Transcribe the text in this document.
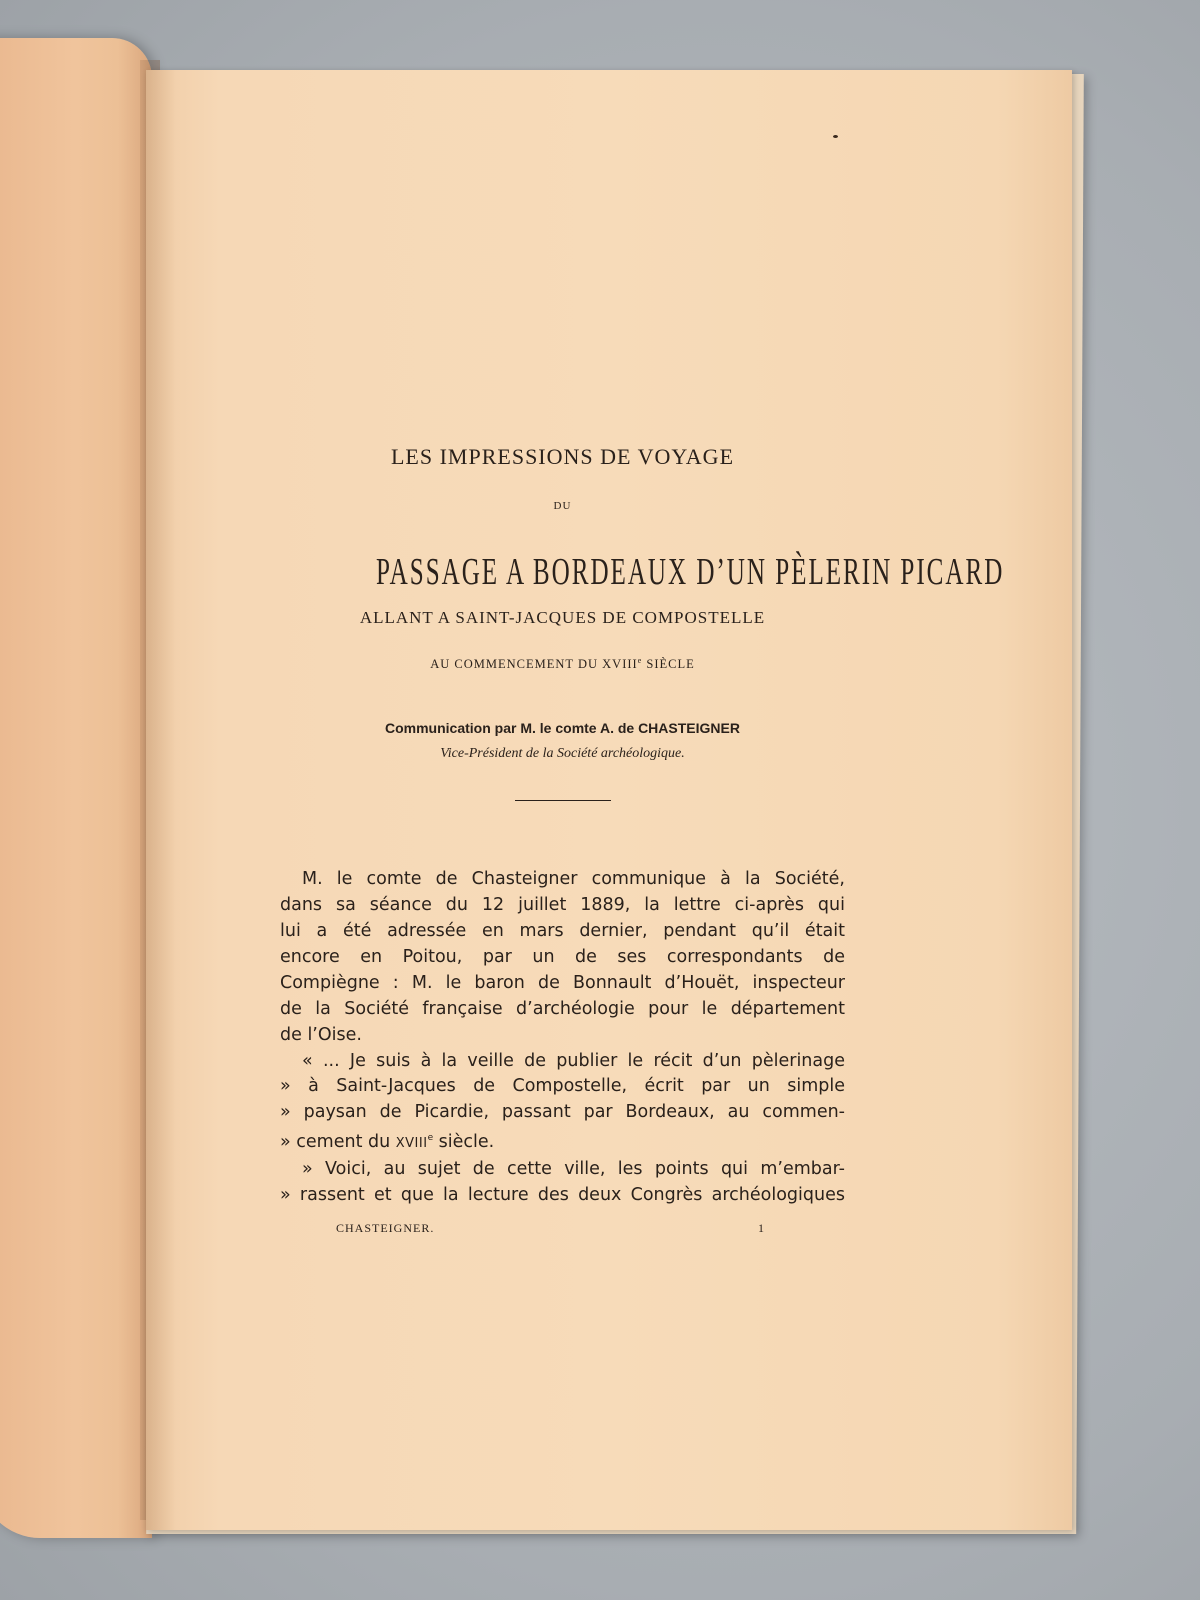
LES IMPRESSIONS DE VOYAGE
DU
PASSAGE A BORDEAUX D’UN PÈLERIN PICARD
ALLANT A SAINT-JACQUES DE COMPOSTELLE
AU COMMENCEMENT DU XVIIIe SIÈCLE
Communication par M. le comte A. de CHASTEIGNER
Vice-Président de la Société archéologique.
M. le comte de Chasteigner communique à la Société,
dans sa séance du 12 juillet 1889, la lettre ci-après qui
lui a été adressée en mars dernier, pendant qu’il était
encore en Poitou, par un de ses correspondants de
Compiègne : M. le baron de Bonnault d’Houët, inspecteur
de la Société française d’archéologie pour le département
de l’Oise.
« ... Je suis à la veille de publier le récit d’un pèlerinage
» à Saint-Jacques de Compostelle, écrit par un simple
» paysan de Picardie, passant par Bordeaux, au commen-
» cement du XVIIIe siècle.
» Voici, au sujet de cette ville, les points qui m’embar-
» rassent et que la lecture des deux Congrès archéologiques
CHASTEIGNER.	1
